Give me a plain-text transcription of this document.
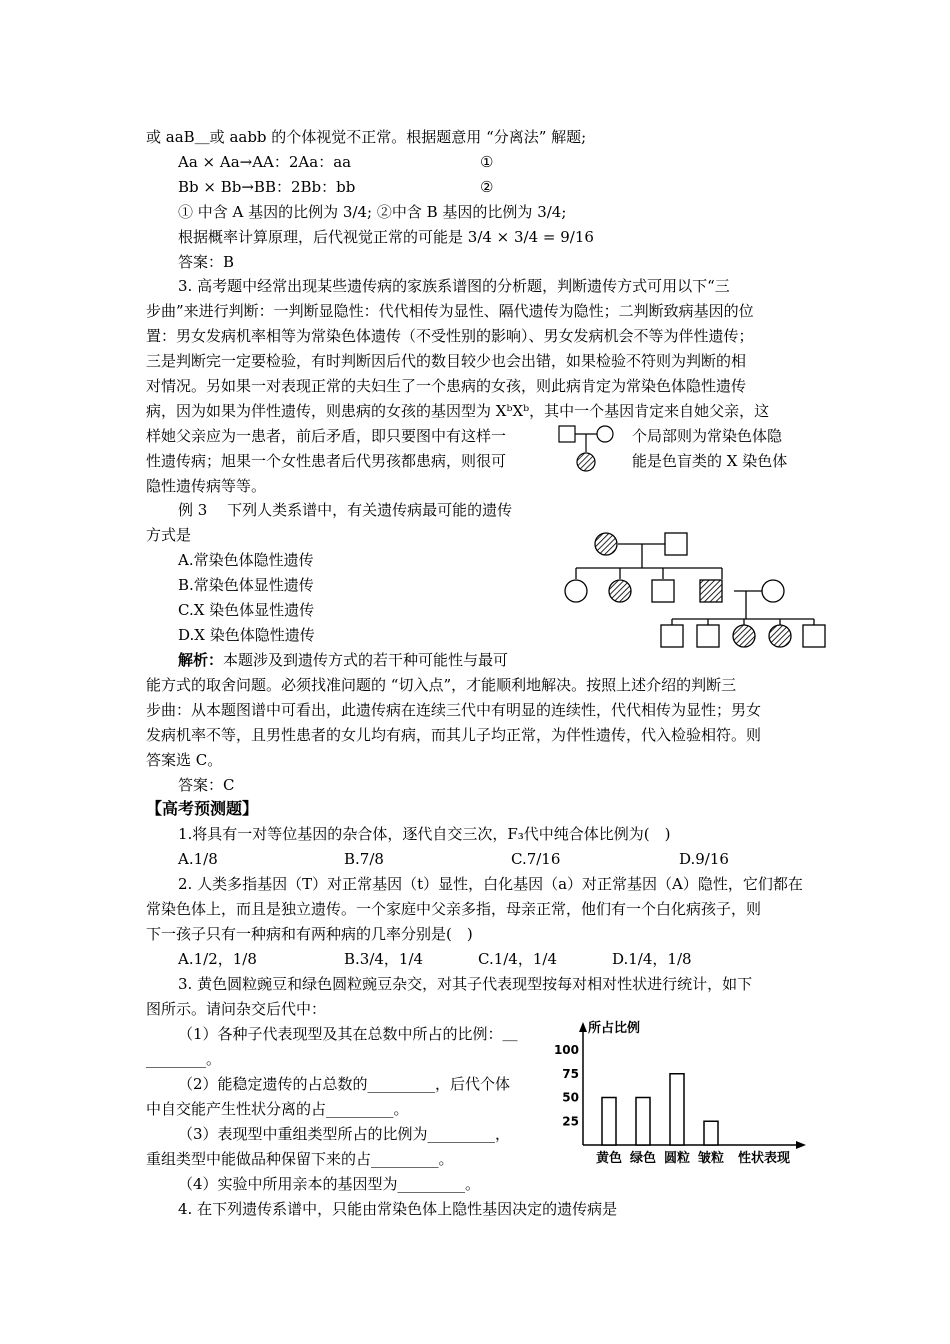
或 aaB＿或 aabb 的个体视觉不正常。根据题意用 “分离法” 解题;
Aa × Aa→AA：2Aa：aa	①
Bb × Bb→BB：2Bb：bb	②
① 中含 A 基因的比例为 3/4; ②中含 B 基因的比例为 3/4;
根据概率计算原理，后代视觉正常的可能是 3/4 × 3/4 = 9/16
答案：B
3. 高考题中经常出现某些遗传病的家族系谱图的分析题，判断遗传方式可用以下“三
步曲”来进行判断：一判断显隐性：代代相传为显性、隔代遗传为隐性；二判断致病基因的位
置：男女发病机率相等为常染色体遗传（不受性别的影响）、男女发病机会不等为伴性遗传；
三是判断完一定要检验，有时判断因后代的数目较少也会出错，如果检验不符则为判断的相
对情况。另如果一对表现正常的夫妇生了一个患病的女孩，则此病肯定为常染色体隐性遗传
病，因为如果为伴性遗传，则患病的女孩的基因型为 XᵇXᵇ，其中一个基因肯定来自她父亲，这
样她父亲应为一患者，前后矛盾，即只要图中有这样一	个局部则为常染色体隐
性遗传病；旭果一个女性患者后代男孩都患病，则很可	能是色盲类的 X 染色体
隐性遗传病等等。
例 3　 下列人类系谱中，有关遗传病最可能的遗传
方式是
A.常染色体隐性遗传
B.常染色体显性遗传
C.X 染色体显性遗传
D.X 染色体隐性遗传
解析：本题涉及到遗传方式的若干种可能性与最可
能方式的取舍问题。必须找准问题的 “切入点”，才能顺利地解决。按照上述介绍的判断三
步曲：从本题图谱中可看出，此遗传病在连续三代中有明显的连续性，代代相传为显性；男女
发病机率不等，且男性患者的女儿均有病，而其儿子均正常，为伴性遗传，代入检验相符。则
答案选 C。
答案：C
【高考预测题】
1.将具有一对等位基因的杂合体，逐代自交三次，F₃代中纯合体比例为(　)
A.1/8	B.7/8	C.7/16	D.9/16
2. 人类多指基因（T）对正常基因（t）显性，白化基因（a）对正常基因（A）隐性，它们都在
常染色体上，而且是独立遗传。一个家庭中父亲多指，母亲正常，他们有一个白化病孩子，则
下一孩子只有一种病和有两种病的几率分别是(　)
A.1/2，1/8	B.3/4，1/4	C.1/4，1/4	D.1/4，1/8
3. 黄色圆粒豌豆和绿色圆粒豌豆杂交，对其子代表现型按每对相对性状进行统计，如下
图所示。请问杂交后代中：
（1）各种子代表现型及其在总数中所占的比例：＿
________。
（2）能稳定遗传的占总数的_________，后代个体
中自交能产生性状分离的占_________。
（3）表现型中重组类型所占的比例为_________，
重组类型中能做品种保留下来的占_________。
（4）实验中所用亲本的基因型为_________。
4. 在下列遗传系谱中，只能由常染色体上隐性基因决定的遗传病是
所占比例
性状表现
100
75
50
25
黄色 绿色 圆粒 皱粒
